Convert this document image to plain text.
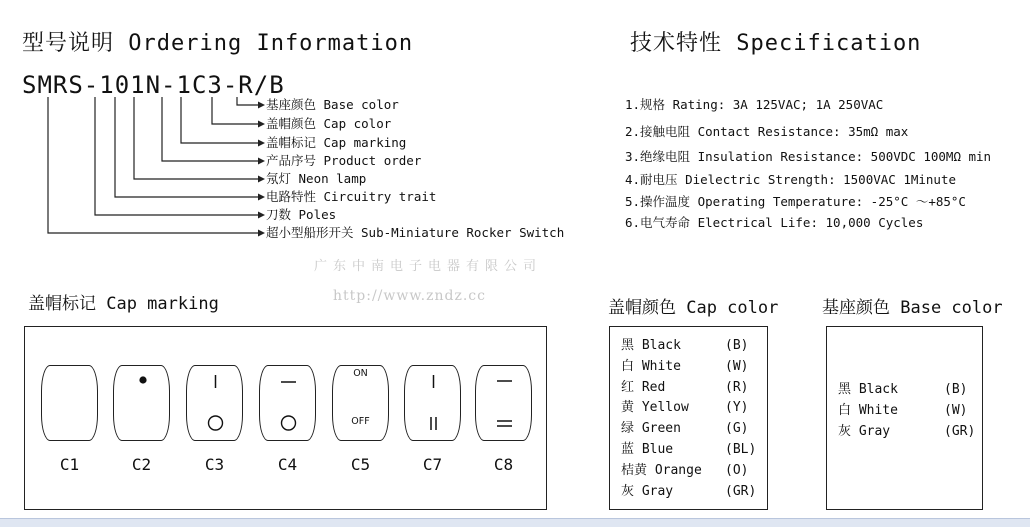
型号说明 Ordering Information
SMRS-101N-1C3-R/B
基座颜色 Base color
盖帽颜色 Cap color
盖帽标记 Cap marking
产品序号 Product order
氖灯 Neon lamp
电路特性 Circuitry trait
刀数 Poles
超小型船形开关 Sub-Miniature Rocker Switch
技术特性 Specification
1.规格 Rating: 3A 125VAC; 1A 250VAC
2.接触电阻 Contact Resistance: 35mΩ max
3.绝缘电阻 Insulation Resistance: 500VDC 100MΩ min
4.耐电压 Dielectric Strength: 1500VAC 1Minute
5.操作温度 Operating Temperature: -25°C ～+85°C
6.电气寿命 Electrical Life: 10,000 Cycles
广东中南电子电器有限公司
http://www.zndz.cc
盖帽标记 Cap marking
ON
OFF
C1	C2	C3	C4	C5	C7	C8
盖帽颜色 Cap color
黑 Black	(B)
白 White	(W)
红 Red	(R)
黄 Yellow	(Y)
绿 Green	(G)
蓝 Blue	(BL)
桔黄 Orange	(O)
灰 Gray	(GR)
基座颜色 Base color
黑 Black	(B)
白 White	(W)
灰 Gray	(GR)
